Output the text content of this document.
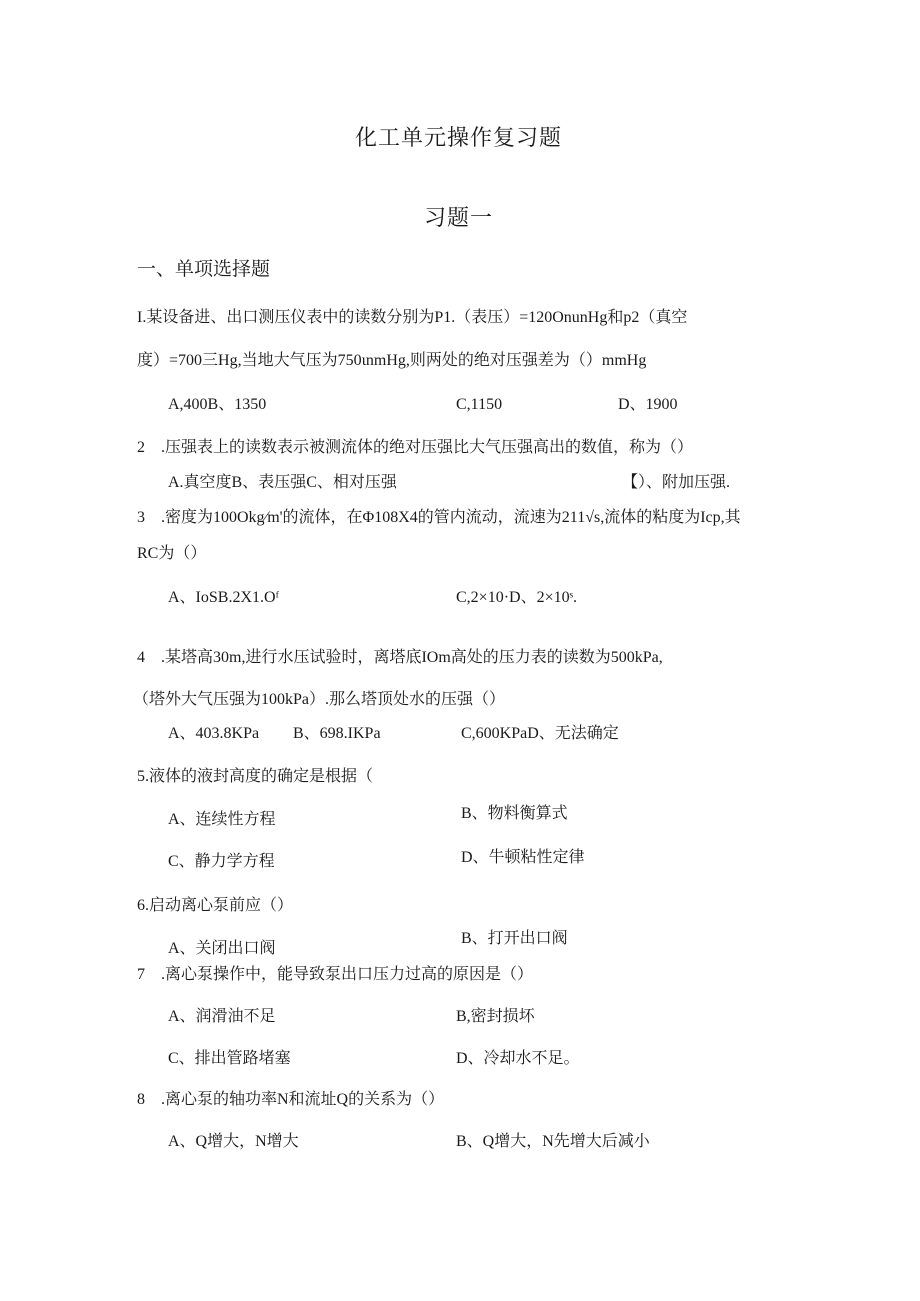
化工单元操作复习题
习题一
一、单项选择题
I.某设备进、出口测压仪表中的读数分别为P1.（表压）=120OnunHg和p2（真空
度）=700三Hg,当地大气压为750ιnmHg,则两处的绝对压强差为（）mmHg
A,400B、1350	C,1150	D、1900
2　.压强表上的读数表示被测流体的绝对压强比大气压强高出的数值，称为（）
A.真空度B、表压强C、相对压强	【）、附加压强.
3　.密度为100Okg∕m'的流体，在Φ108X4的管内流动，流速为211√s,流体的粘度为Icp,其
RC为（）
A、IoSB.2X1.Oᶠ	C,2×10·D、2×10ˢ.
4　.某塔高30m,进行水压试验时，离塔底IOm高处的压力表的读数为500kPa,
（塔外大气压强为100kPa）.那么塔顶处水的压强（）
A、403.8KPa B、698.IKPa	C,600KPaD、无法确定
5.液体的液封高度的确定是根据（
A、连续性方程	B、物料衡算式
C、静力学方程	D、牛顿粘性定律
6.启动离心泵前应（）
A、关闭出口阀
B、打开出口阀
7　.离心泵操作中，能导致泵出口压力过高的原因是（）
A、润滑油不足	B,密封损坏
C、排出管路堵塞	D、冷却水不足。
8　.离心泵的轴功率N和流址Q的关系为（）
A、Q增大，N增大	B、Q增大，N先增大后减小
